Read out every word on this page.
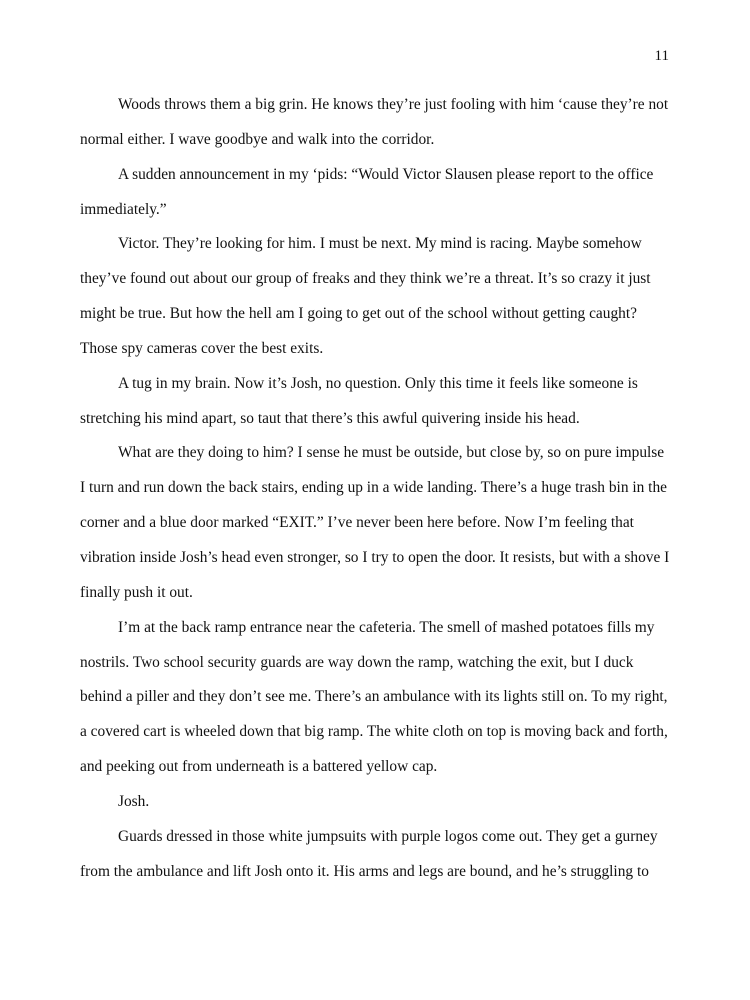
11

Woods throws them a big grin. He knows they’re just fooling with him ‘cause they’re not normal either. I wave goodbye and walk into the corridor.

A sudden announcement in my ‘pids: “Would Victor Slausen please report to the office immediately.”

Victor. They’re looking for him. I must be next. My mind is racing. Maybe somehow they’ve found out about our group of freaks and they think we’re a threat. It’s so crazy it just might be true. But how the hell am I going to get out of the school without getting caught? Those spy cameras cover the best exits.

A tug in my brain. Now it’s Josh, no question. Only this time it feels like someone is stretching his mind apart, so taut that there’s this awful quivering inside his head.

What are they doing to him? I sense he must be outside, but close by, so on pure impulse I turn and run down the back stairs, ending up in a wide landing. There’s a huge trash bin in the corner and a blue door marked “EXIT.” I’ve never been here before. Now I’m feeling that vibration inside Josh’s head even stronger, so I try to open the door. It resists, but with a shove I finally push it out.

I’m at the back ramp entrance near the cafeteria. The smell of mashed potatoes fills my nostrils. Two school security guards are way down the ramp, watching the exit, but I duck behind a piller and they don’t see me. There’s an ambulance with its lights still on. To my right, a covered cart is wheeled down that big ramp. The white cloth on top is moving back and forth, and peeking out from underneath is a battered yellow cap.

Josh.

Guards dressed in those white jumpsuits with purple logos come out. They get a gurney from the ambulance and lift Josh onto it. His arms and legs are bound, and he’s struggling to
